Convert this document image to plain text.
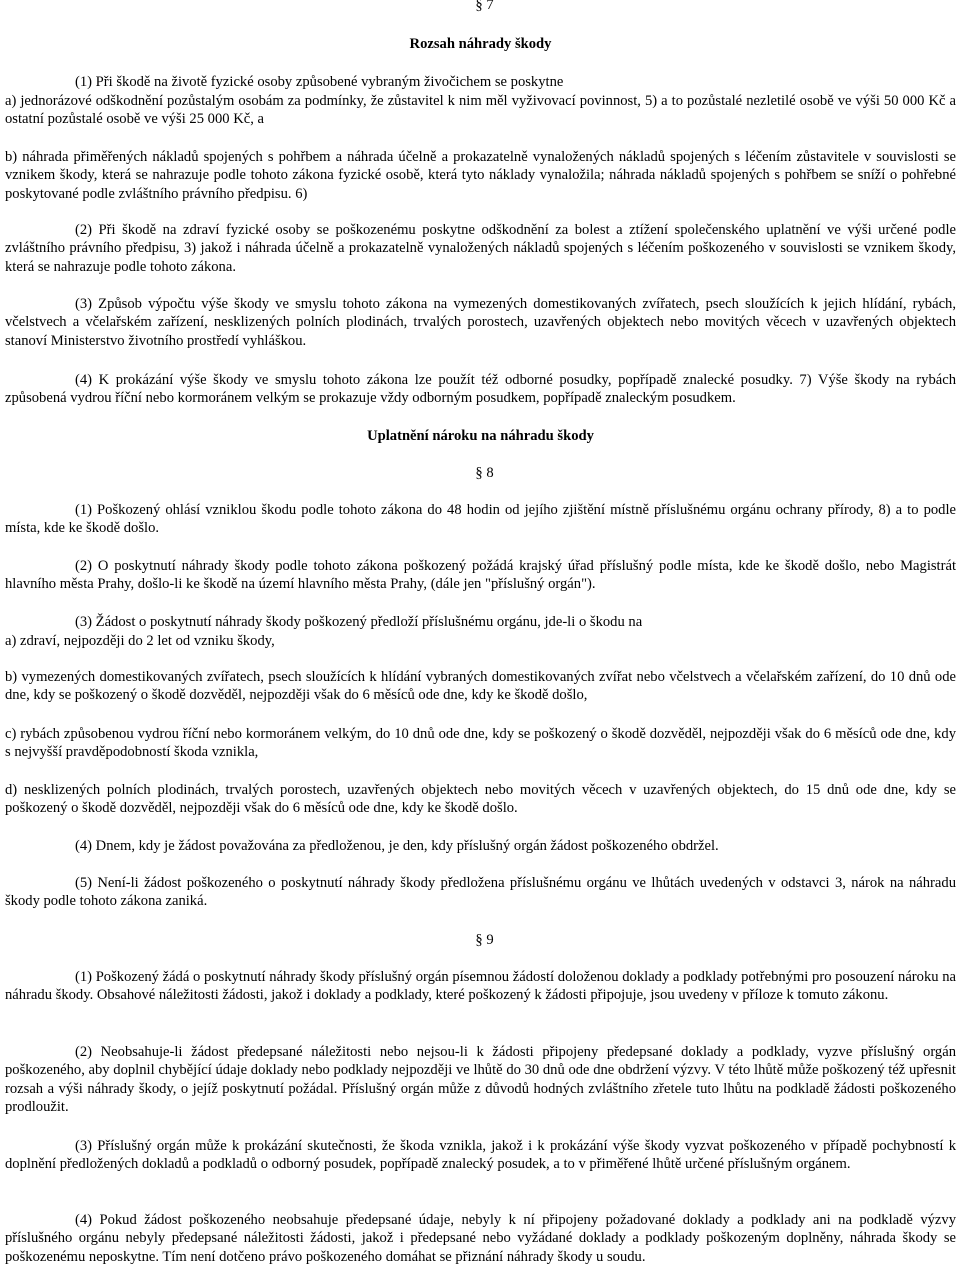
§ 7

Rozsah náhrady škody

(1) Při škodě na životě fyzické osoby způsobené vybraným živočichem se poskytne

a) jednorázové odškodnění pozůstalým osobám za podmínky, že zůstavitel k nim měl vyživovací povinnost, 5) a to pozůstalé nezletilé osobě ve výši 50 000 Kč a ostatní pozůstalé osobě ve výši 25 000 Kč, a

b) náhrada přiměřených nákladů spojených s pohřbem a náhrada účelně a prokazatelně vynaložených nákladů spojených s léčením zůstavitele v souvislosti se vznikem škody, která se nahrazuje podle tohoto zákona fyzické osobě, která tyto náklady vynaložila; náhrada nákladů spojených s pohřbem se sníží o pohřebné poskytované podle zvláštního právního předpisu. 6)

(2) Při škodě na zdraví fyzické osoby se poškozenému poskytne odškodnění za bolest a ztížení společenského uplatnění ve výši určené podle zvláštního právního předpisu, 3) jakož i náhrada účelně a prokazatelně vynaložených nákladů spojených s léčením poškozeného v souvislosti se vznikem škody, která se nahrazuje podle tohoto zákona.

(3) Způsob výpočtu výše škody ve smyslu tohoto zákona na vymezených domestikovaných zvířatech, psech sloužících k jejich hlídání, rybách, včelstvech a včelařském zařízení, nesklizených polních plodinách, trvalých porostech, uzavřených objektech nebo movitých věcech v uzavřených objektech stanoví Ministerstvo životního prostředí vyhláškou.

(4) K prokázání výše škody ve smyslu tohoto zákona lze použít též odborné posudky, popřípadě znalecké posudky. 7) Výše škody na rybách způsobená vydrou říční nebo kormoránem velkým se prokazuje vždy odborným posudkem, popřípadě znaleckým posudkem.

Uplatnění nároku na náhradu škody

§ 8

(1) Poškozený ohlásí vzniklou škodu podle tohoto zákona do 48 hodin od jejího zjištění místně příslušnému orgánu ochrany přírody, 8) a to podle místa, kde ke škodě došlo.

(2) O poskytnutí náhrady škody podle tohoto zákona poškozený požádá krajský úřad příslušný podle místa, kde ke škodě došlo, nebo Magistrát hlavního města Prahy, došlo-li ke škodě na území hlavního města Prahy, (dále jen "příslušný orgán").

(3) Žádost o poskytnutí náhrady škody poškozený předloží příslušnému orgánu, jde-li o škodu na

a) zdraví, nejpozději do 2 let od vzniku škody,

b) vymezených domestikovaných zvířatech, psech sloužících k hlídání vybraných domestikovaných zvířat nebo včelstvech a včelařském zařízení, do 10 dnů ode dne, kdy se poškozený o škodě dozvěděl, nejpozději však do 6 měsíců ode dne, kdy ke škodě došlo,

c) rybách způsobenou vydrou říční nebo kormoránem velkým, do 10 dnů ode dne, kdy se poškozený o škodě dozvěděl, nejpozději však do 6 měsíců ode dne, kdy s nejvyšší pravděpodobností škoda vznikla,

d) nesklizených polních plodinách, trvalých porostech, uzavřených objektech nebo movitých věcech v uzavřených objektech, do 15 dnů ode dne, kdy se poškozený o škodě dozvěděl, nejpozději však do 6 měsíců ode dne, kdy ke škodě došlo.

(4) Dnem, kdy je žádost považována za předloženou, je den, kdy příslušný orgán žádost poškozeného obdržel.

(5) Není-li žádost poškozeného o poskytnutí náhrady škody předložena příslušnému orgánu ve lhůtách uvedených v odstavci 3, nárok na náhradu škody podle tohoto zákona zaniká.

§ 9

(1) Poškozený žádá o poskytnutí náhrady škody příslušný orgán písemnou žádostí doloženou doklady a podklady potřebnými pro posouzení nároku na náhradu škody. Obsahové náležitosti žádosti, jakož i doklady a podklady, které poškozený k žádosti připojuje, jsou uvedeny v příloze k tomuto zákonu.

(2) Neobsahuje-li žádost předepsané náležitosti nebo nejsou-li k žádosti připojeny předepsané doklady a podklady, vyzve příslušný orgán poškozeného, aby doplnil chybějící údaje doklady nebo podklady nejpozději ve lhůtě do 30 dnů ode dne obdržení výzvy. V této lhůtě může poškozený též upřesnit rozsah a výši náhrady škody, o jejíž poskytnutí požádal. Příslušný orgán může z důvodů hodných zvláštního zřetele tuto lhůtu na podkladě žádosti poškozeného prodloužit.

(3) Příslušný orgán může k prokázání skutečnosti, že škoda vznikla, jakož i k prokázání výše škody vyzvat poškozeného v případě pochybností k doplnění předložených dokladů a podkladů o odborný posudek, popřípadě znalecký posudek, a to v přiměřené lhůtě určené příslušným orgánem.

(4) Pokud žádost poškozeného neobsahuje předepsané údaje, nebyly k ní připojeny požadované doklady a podklady ani na podkladě výzvy příslušného orgánu nebyly předepsané náležitosti žádosti, jakož i předepsané nebo vyžádané doklady a podklady poškozeným doplněny, náhrada škody se poškozenému neposkytne. Tím není dotčeno právo poškozeného domáhat se přiznání náhrady škody u soudu.
